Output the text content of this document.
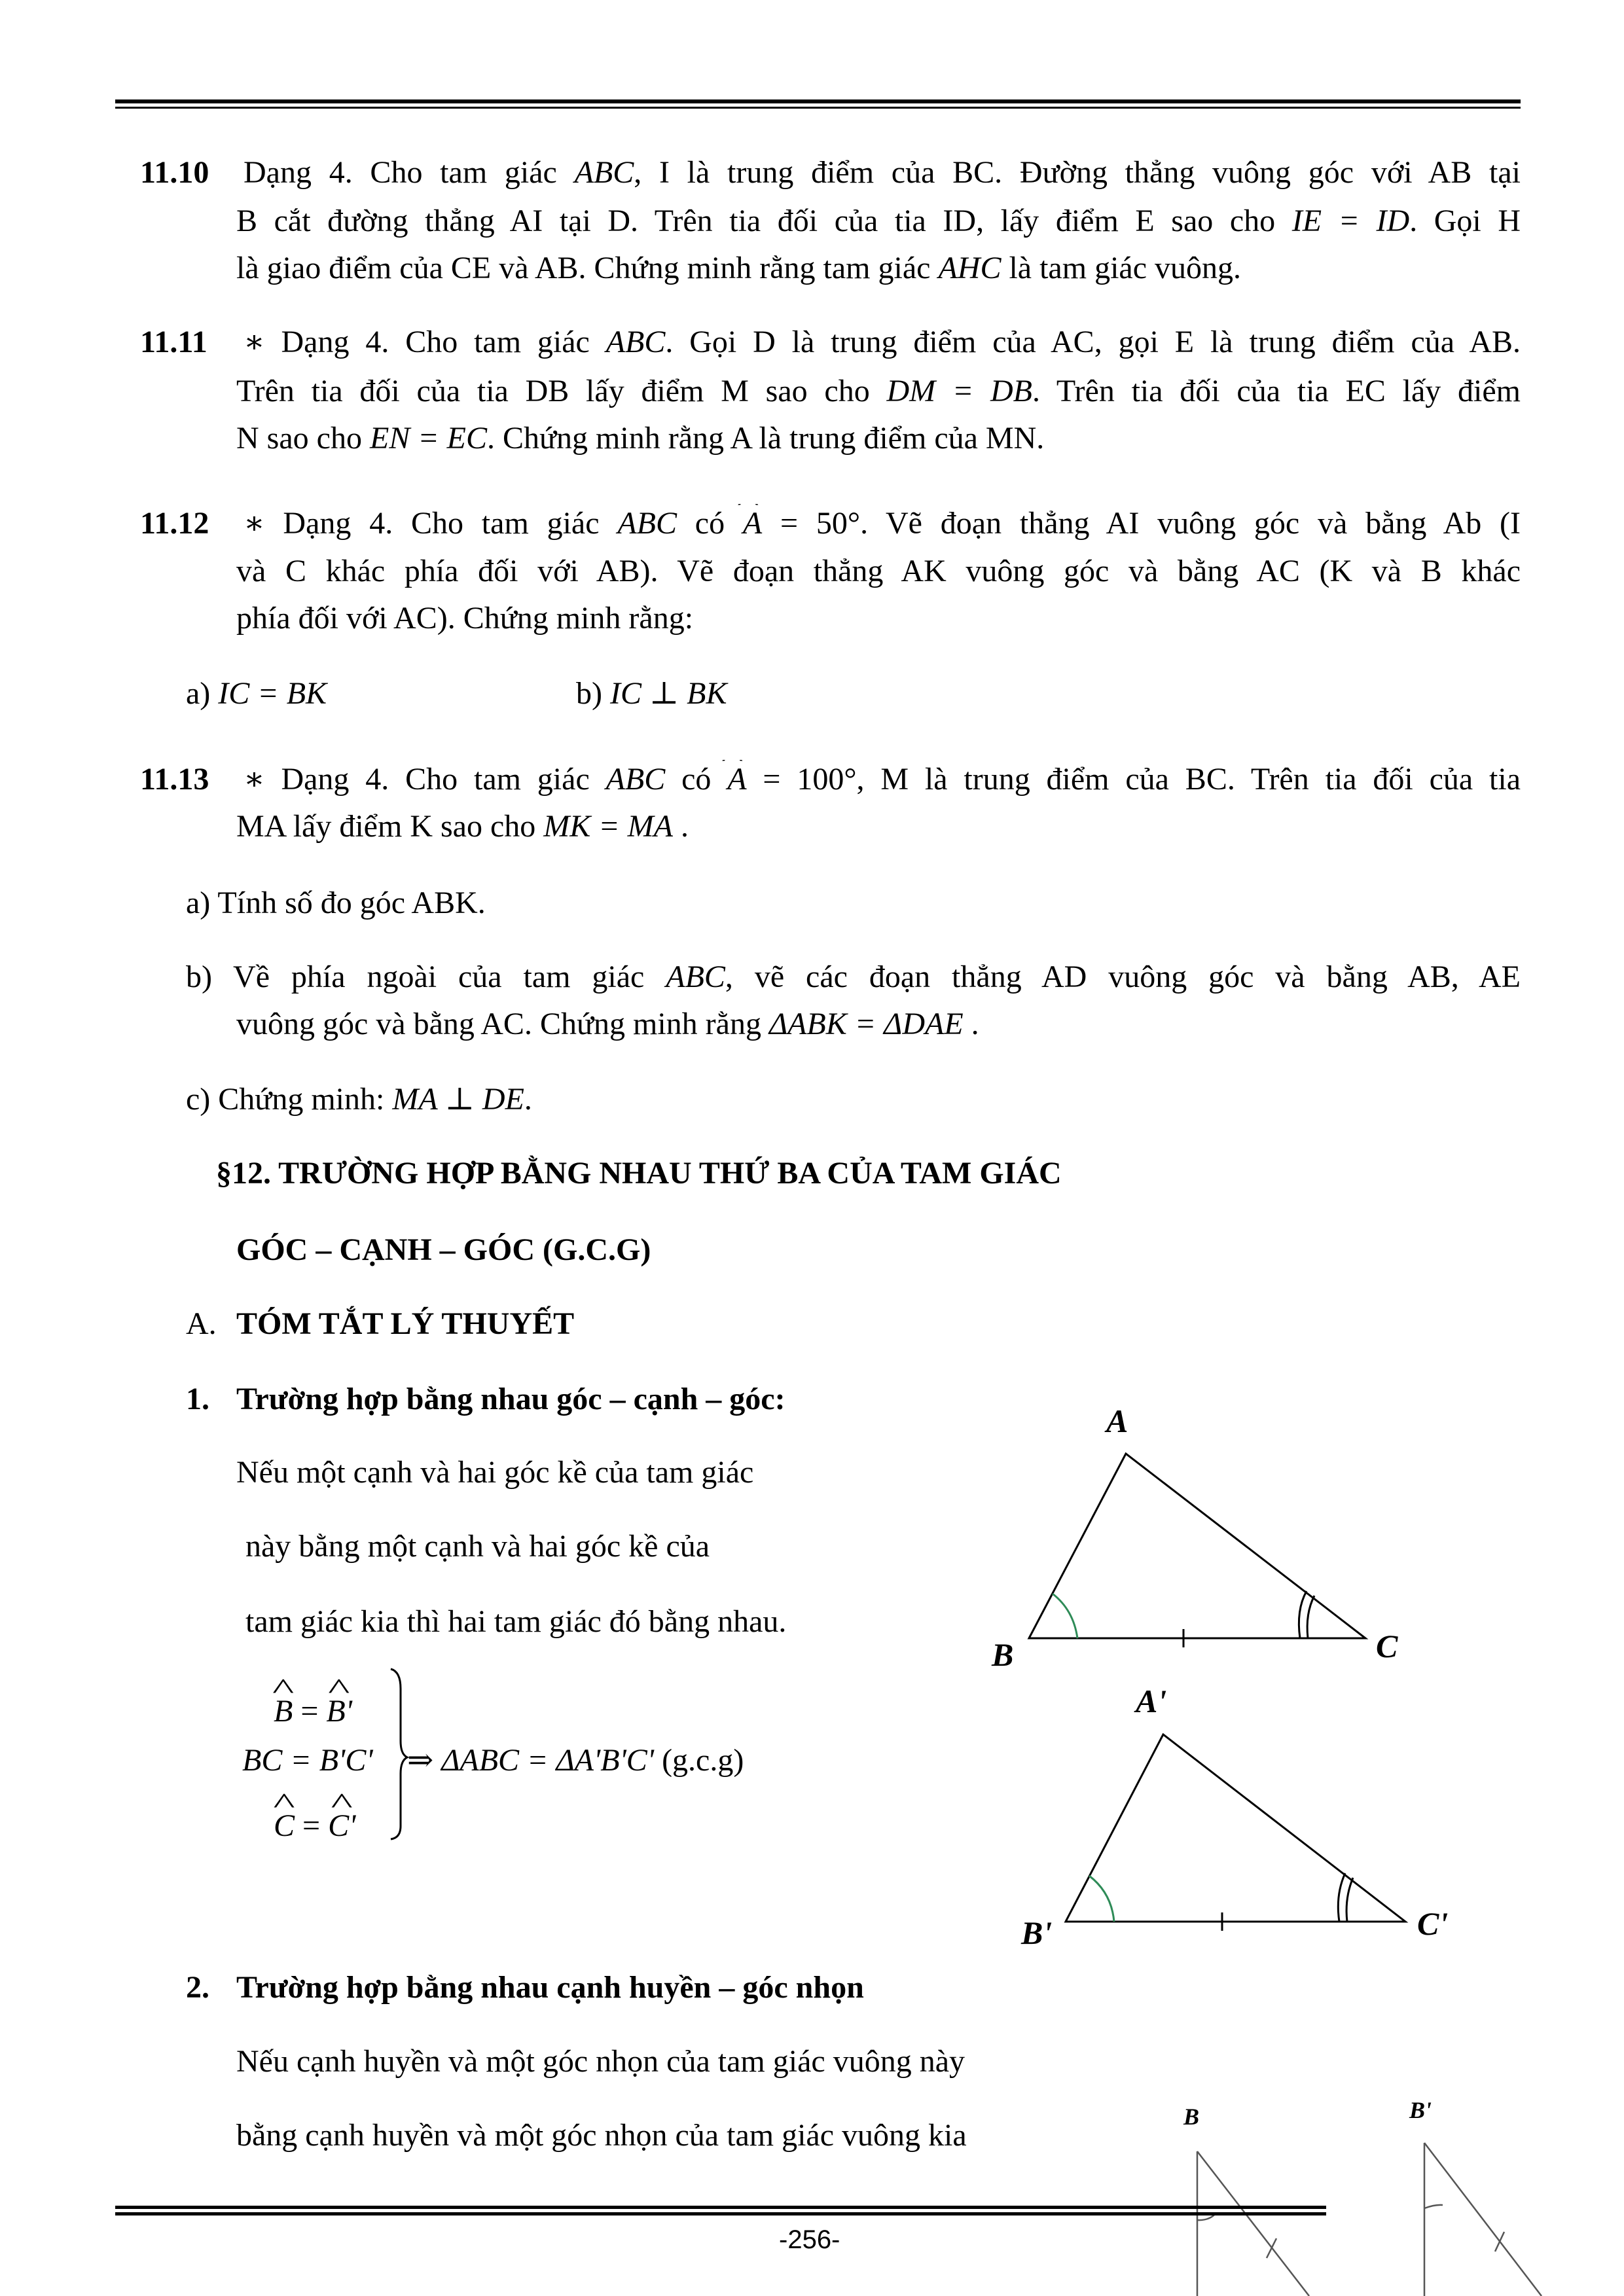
11.10 Dạng 4. Cho tam giác ABC, I là trung điểm của BC. Đường thẳng vuông góc với AB tại
B cắt đường thẳng AI tại D. Trên tia đối của tia ID, lấy điểm E sao cho IE = ID. Gọi H
là giao điểm của CE và AB. Chứng minh rằng tam giác AHC là tam giác vuông.
11.11 ∗ Dạng 4. Cho tam giác ABC. Gọi D là trung điểm của AC, gọi E là trung điểm của AB.
Trên tia đối của tia DB lấy điểm M sao cho DM = DB. Trên tia đối của tia EC lấy điểm
N sao cho EN = EC. Chứng minh rằng A là trung điểm của MN.
11.12 ∗ Dạng 4. Cho tam giác ABC có ^ A = 50°. Vẽ đoạn thẳng AI vuông góc và bằng Ab (I
và C khác phía đối với AB). Vẽ đoạn thẳng AK vuông góc và bằng AC (K và B khác
phía đối với AC). Chứng minh rằng:
a) IC = BK	b) IC ⊥ BK
11.13 ∗ Dạng 4. Cho tam giác ABC có ^ A = 100°, M là trung điểm của BC. Trên tia đối của tia
MA lấy điểm K sao cho MK = MA .
a) Tính số đo góc ABK.
b) Về phía ngoài của tam giác ABC, vẽ các đoạn thẳng AD vuông góc và bằng AB, AE
vuông góc và bằng AC. Chứng minh rằng ΔABK = ΔDAE .
c) Chứng minh: MA ⊥ DE.
§12. TRƯỜNG HỢP BẰNG NHAU THỨ BA CỦA TAM GIÁC
GÓC – CẠNH – GÓC (G.C.G)
A. TÓM TẮT LÝ THUYẾT
1. Trường hợp bằng nhau góc – cạnh – góc:
Nếu một cạnh và hai góc kề của tam giác
này bằng một cạnh và hai góc kề của
tam giác kia thì hai tam giác đó bằng nhau.
^ B = ^ B'
BC = B'C'
^ C = ^ C'
⇒ ΔABC = ΔA'B'C' (g.c.g)
2. Trường hợp bằng nhau cạnh huyền – góc nhọn
Nếu cạnh huyền và một góc nhọn của tam giác vuông này
bằng cạnh huyền và một góc nhọn của tam giác vuông kia
A
B	C
A'
B'	C'
B	B'
-256-
